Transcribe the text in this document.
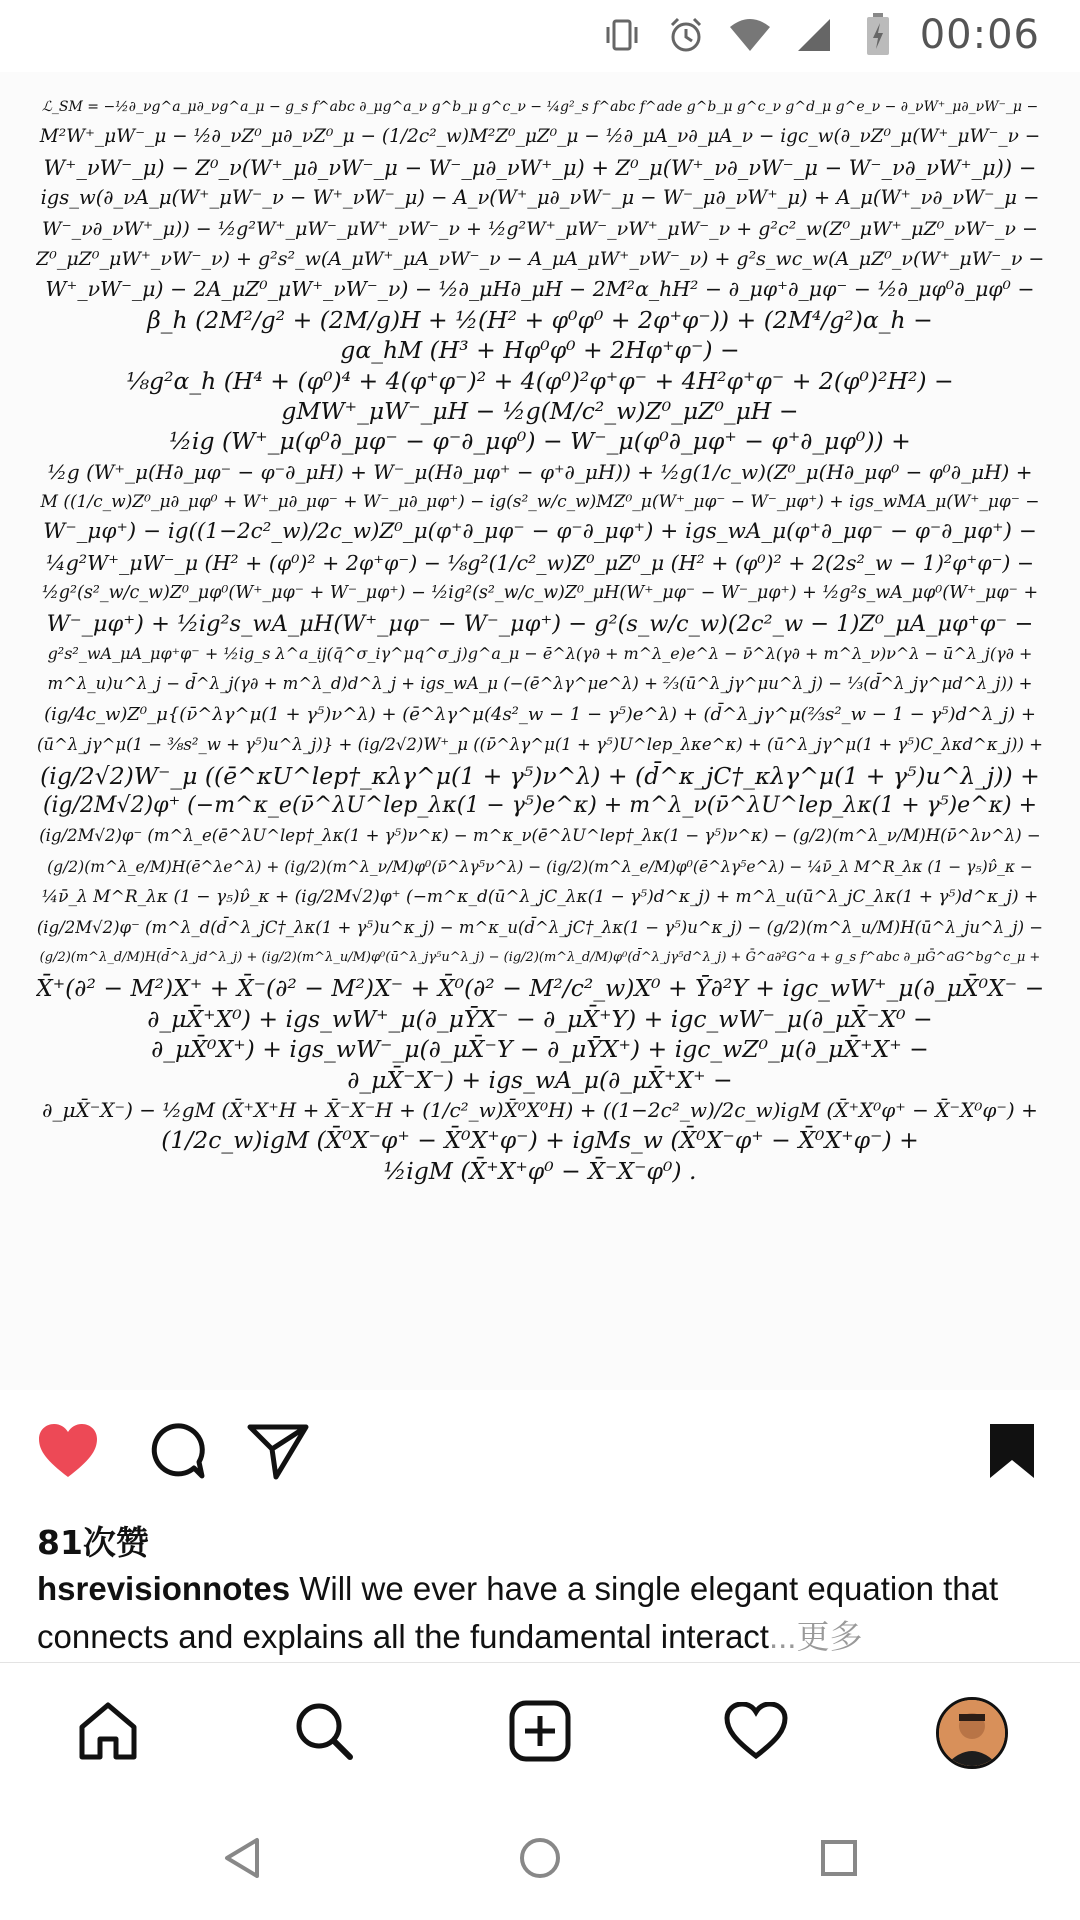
00:06
ℒ_SM = −½∂_νg^a_μ∂_νg^a_μ − g_s f^abc ∂_μg^a_ν g^b_μ g^c_ν − ¼g²_s f^abc f^ade g^b_μ g^c_ν g^d_μ g^e_ν − ∂_νW⁺_μ∂_νW⁻_μ −
M²W⁺_μW⁻_μ − ½∂_νZ⁰_μ∂_νZ⁰_μ − (1/2c²_w)M²Z⁰_μZ⁰_μ − ½∂_μA_ν∂_μA_ν − igc_w(∂_νZ⁰_μ(W⁺_μW⁻_ν −
W⁺_νW⁻_μ) − Z⁰_ν(W⁺_μ∂_νW⁻_μ − W⁻_μ∂_νW⁺_μ) + Z⁰_μ(W⁺_ν∂_νW⁻_μ − W⁻_ν∂_νW⁺_μ)) −
igs_w(∂_νA_μ(W⁺_μW⁻_ν − W⁺_νW⁻_μ) − A_ν(W⁺_μ∂_νW⁻_μ − W⁻_μ∂_νW⁺_μ) + A_μ(W⁺_ν∂_νW⁻_μ −
W⁻_ν∂_νW⁺_μ)) − ½g²W⁺_μW⁻_μW⁺_νW⁻_ν + ½g²W⁺_μW⁻_νW⁺_μW⁻_ν + g²c²_w(Z⁰_μW⁺_μZ⁰_νW⁻_ν −
Z⁰_μZ⁰_μW⁺_νW⁻_ν) + g²s²_w(A_μW⁺_μA_νW⁻_ν − A_μA_μW⁺_νW⁻_ν) + g²s_wc_w(A_μZ⁰_ν(W⁺_μW⁻_ν −
W⁺_νW⁻_μ) − 2A_μZ⁰_μW⁺_νW⁻_ν) − ½∂_μH∂_μH − 2M²α_hH² − ∂_μφ⁺∂_μφ⁻ − ½∂_μφ⁰∂_μφ⁰ −
β_h (2M²/g² + (2M/g)H + ½(H² + φ⁰φ⁰ + 2φ⁺φ⁻)) + (2M⁴/g²)α_h −
gα_hM (H³ + Hφ⁰φ⁰ + 2Hφ⁺φ⁻) −
⅛g²α_h (H⁴ + (φ⁰)⁴ + 4(φ⁺φ⁻)² + 4(φ⁰)²φ⁺φ⁻ + 4H²φ⁺φ⁻ + 2(φ⁰)²H²) −
gMW⁺_μW⁻_μH − ½g(M/c²_w)Z⁰_μZ⁰_μH −
½ig (W⁺_μ(φ⁰∂_μφ⁻ − φ⁻∂_μφ⁰) − W⁻_μ(φ⁰∂_μφ⁺ − φ⁺∂_μφ⁰)) +
½g (W⁺_μ(H∂_μφ⁻ − φ⁻∂_μH) + W⁻_μ(H∂_μφ⁺ − φ⁺∂_μH)) + ½g(1/c_w)(Z⁰_μ(H∂_μφ⁰ − φ⁰∂_μH) +
M ((1/c_w)Z⁰_μ∂_μφ⁰ + W⁺_μ∂_μφ⁻ + W⁻_μ∂_μφ⁺) − ig(s²_w/c_w)MZ⁰_μ(W⁺_μφ⁻ − W⁻_μφ⁺) + igs_wMA_μ(W⁺_μφ⁻ −
W⁻_μφ⁺) − ig((1−2c²_w)/2c_w)Z⁰_μ(φ⁺∂_μφ⁻ − φ⁻∂_μφ⁺) + igs_wA_μ(φ⁺∂_μφ⁻ − φ⁻∂_μφ⁺) −
¼g²W⁺_μW⁻_μ (H² + (φ⁰)² + 2φ⁺φ⁻) − ⅛g²(1/c²_w)Z⁰_μZ⁰_μ (H² + (φ⁰)² + 2(2s²_w − 1)²φ⁺φ⁻) −
½g²(s²_w/c_w)Z⁰_μφ⁰(W⁺_μφ⁻ + W⁻_μφ⁺) − ½ig²(s²_w/c_w)Z⁰_μH(W⁺_μφ⁻ − W⁻_μφ⁺) + ½g²s_wA_μφ⁰(W⁺_μφ⁻ +
W⁻_μφ⁺) + ½ig²s_wA_μH(W⁺_μφ⁻ − W⁻_μφ⁺) − g²(s_w/c_w)(2c²_w − 1)Z⁰_μA_μφ⁺φ⁻ −
g²s²_wA_μA_μφ⁺φ⁻ + ½ig_s λ^a_ij(q̄^σ_iγ^μq^σ_j)g^a_μ − ē^λ(γ∂ + m^λ_e)e^λ − ν̄^λ(γ∂ + m^λ_ν)ν^λ − ū^λ_j(γ∂ +
m^λ_u)u^λ_j − d̄^λ_j(γ∂ + m^λ_d)d^λ_j + igs_wA_μ (−(ē^λγ^μe^λ) + ⅔(ū^λ_jγ^μu^λ_j) − ⅓(d̄^λ_jγ^μd^λ_j)) +
(ig/4c_w)Z⁰_μ{(ν̄^λγ^μ(1 + γ⁵)ν^λ) + (ē^λγ^μ(4s²_w − 1 − γ⁵)e^λ) + (d̄^λ_jγ^μ(⅔s²_w − 1 − γ⁵)d^λ_j) +
(ū^λ_jγ^μ(1 − ⅜s²_w + γ⁵)u^λ_j)} + (ig/2√2)W⁺_μ ((ν̄^λγ^μ(1 + γ⁵)U^lep_λκe^κ) + (ū^λ_jγ^μ(1 + γ⁵)C_λκd^κ_j)) +
(ig/2√2)W⁻_μ ((ē^κU^lep†_κλγ^μ(1 + γ⁵)ν^λ) + (d̄^κ_jC†_κλγ^μ(1 + γ⁵)u^λ_j)) +
(ig/2M√2)φ⁺ (−m^κ_e(ν̄^λU^lep_λκ(1 − γ⁵)e^κ) + m^λ_ν(ν̄^λU^lep_λκ(1 + γ⁵)e^κ) +
(ig/2M√2)φ⁻ (m^λ_e(ē^λU^lep†_λκ(1 + γ⁵)ν^κ) − m^κ_ν(ē^λU^lep†_λκ(1 − γ⁵)ν^κ) − (g/2)(m^λ_ν/M)H(ν̄^λν^λ) −
(g/2)(m^λ_e/M)H(ē^λe^λ) + (ig/2)(m^λ_ν/M)φ⁰(ν̄^λγ⁵ν^λ) − (ig/2)(m^λ_e/M)φ⁰(ē^λγ⁵e^λ) − ¼ν̄_λ M^R_λκ (1 − γ₅)ν̂_κ −
¼ν̄_λ M^R_λκ (1 − γ₅)ν̂_κ + (ig/2M√2)φ⁺ (−m^κ_d(ū^λ_jC_λκ(1 − γ⁵)d^κ_j) + m^λ_u(ū^λ_jC_λκ(1 + γ⁵)d^κ_j) +
(ig/2M√2)φ⁻ (m^λ_d(d̄^λ_jC†_λκ(1 + γ⁵)u^κ_j) − m^κ_u(d̄^λ_jC†_λκ(1 − γ⁵)u^κ_j) − (g/2)(m^λ_u/M)H(ū^λ_ju^λ_j) −
(g/2)(m^λ_d/M)H(d̄^λ_jd^λ_j) + (ig/2)(m^λ_u/M)φ⁰(ū^λ_jγ⁵u^λ_j) − (ig/2)(m^λ_d/M)φ⁰(d̄^λ_jγ⁵d^λ_j) + Ḡ^a∂²G^a + g_s f^abc ∂_μḠ^aG^bg^c_μ +
X̄⁺(∂² − M²)X⁺ + X̄⁻(∂² − M²)X⁻ + X̄⁰(∂² − M²/c²_w)X⁰ + Ȳ∂²Y + igc_wW⁺_μ(∂_μX̄⁰X⁻ −
∂_μX̄⁺X⁰) + igs_wW⁺_μ(∂_μȲX⁻ − ∂_μX̄⁺Y) + igc_wW⁻_μ(∂_μX̄⁻X⁰ −
∂_μX̄⁰X⁺) + igs_wW⁻_μ(∂_μX̄⁻Y − ∂_μȲX⁺) + igc_wZ⁰_μ(∂_μX̄⁺X⁺ −
∂_μX̄⁻X⁻) + igs_wA_μ(∂_μX̄⁺X⁺ −
∂_μX̄⁻X⁻) − ½gM (X̄⁺X⁺H + X̄⁻X⁻H + (1/c²_w)X̄⁰X⁰H) + ((1−2c²_w)/2c_w)igM (X̄⁺X⁰φ⁺ − X̄⁻X⁰φ⁻) +
(1/2c_w)igM (X̄⁰X⁻φ⁺ − X̄⁰X⁺φ⁻) + igMs_w (X̄⁰X⁻φ⁺ − X̄⁰X⁺φ⁻) +
½igM (X̄⁺X⁺φ⁰ − X̄⁻X⁻φ⁰) .
81次赞
hsrevisionnotes Will we ever have a single elegant equation that connects and explains all the fundamental interact...更多
